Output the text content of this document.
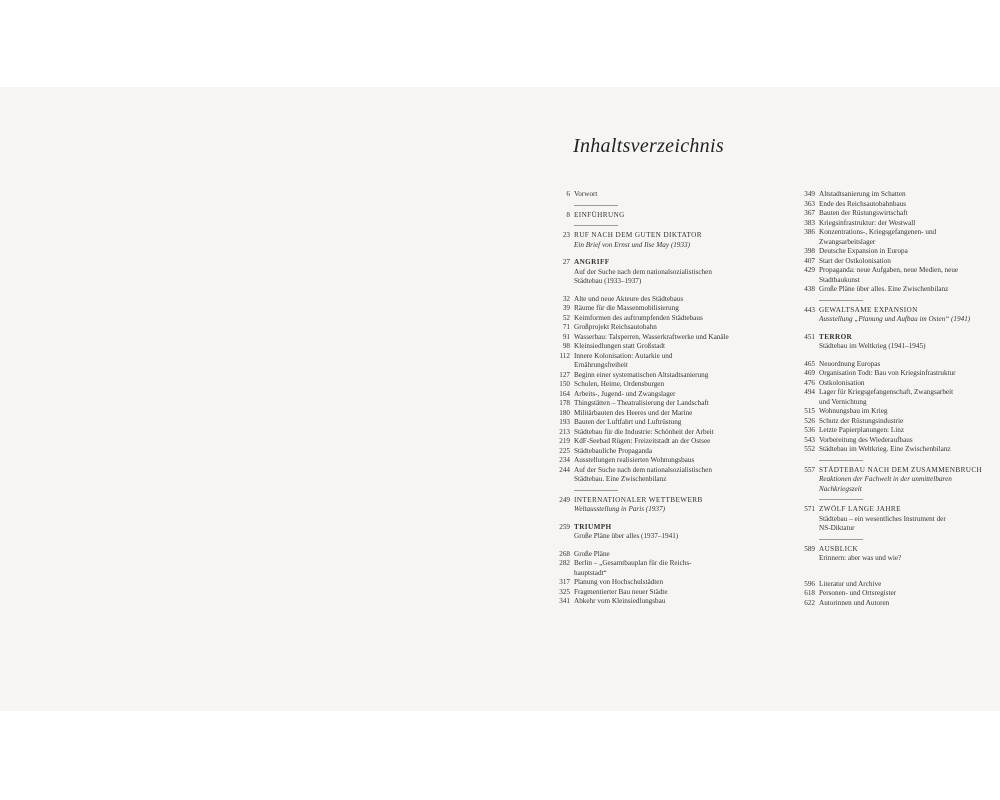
Inhaltsverzeichnis
6 Vorwort
8 EINFÜHRUNG
23 RUF NACH DEM GUTEN DIKTATOR
Ein Brief von Ernst und Ilse May (1933)
27 ANGRIFF
Auf der Suche nach dem nationalsozialistischen
Städtebau (1933–1937)
32 Alte und neue Akteure des Städtebaus
39 Räume für die Massenmobilisierung
52 Keimformen des auftrumpfenden Städtebaus
71 Großprojekt Reichsautobahn
91 Wasserbau: Talsperren, Wasserkraftwerke und Kanäle
98 Kleinsiedlungen statt Großstadt
112 Innere Kolonisation: Autarkie und
Ernährungsfreiheit
127 Beginn einer systematischen Altstadtsanierung
150 Schulen, Heime, Ordensburgen
164 Arbeits-, Jugend- und Zwangslager
178 Thingstätten – Theatralisierung der Landschaft
180 Militärbauten des Heeres und der Marine
193 Bauten der Luftfahrt und Luftrüstung
213 Städtebau für die Industrie: Schönheit der Arbeit
219 KdF-Seebad Rügen: Freizeitstadt an der Ostsee
225 Städtebauliche Propaganda
234 Ausstellungen realisierten Wohnungsbaus
244 Auf der Suche nach dem nationalsozialistischen
Städtebau. Eine Zwischenbilanz
249 INTERNATIONALER WETTBEWERB
Weltausstellung in Paris (1937)
259 TRIUMPH
Große Pläne über alles (1937–1941)
268 Große Pläne
282 Berlin – „Gesamtbauplan für die Reichs-
hauptstadt“
317 Planung von Hochschulstädten
325 Fragmentierter Bau neuer Städte
341 Abkehr vom Kleinsiedlungsbau
349 Altstadtsanierung im Schatten
363 Ende des Reichsautobahnbaus
367 Bauten der Rüstungswirtschaft
383 Kriegsinfrastruktur: der Westwall
386 Konzentrations-, Kriegsgefangenen- und
Zwangsarbeitslager
398 Deutsche Expansion in Europa
407 Start der Ostkolonisation
429 Propaganda: neue Aufgaben, neue Medien, neue
Stadtbaukunst
438 Große Pläne über alles. Eine Zwischenbilanz
443 GEWALTSAME EXPANSION
Ausstellung „Planung und Aufbau im Osten“ (1941)
451 TERROR
Städtebau im Weltkrieg (1941–1945)
465 Neuordnung Europas
469 Organisation Todt: Bau von Kriegsinfrastruktur
476 Ostkolonisation
494 Lager für Kriegsgefangenschaft, Zwangsarbeit
und Vernichtung
515 Wohnungsbau im Krieg
526 Schutz der Rüstungsindustrie
536 Letzte Papierplanungen: Linz
543 Vorbereitung des Wiederaufbaus
552 Städtebau im Weltkrieg. Eine Zwischenbilanz
557 STÄDTEBAU NACH DEM ZUSAMMENBRUCH
Reaktionen der Fachwelt in der unmittelbaren
Nachkriegszeit
571 ZWÖLF LANGE JAHRE
Städtebau – ein wesentliches Instrument der
NS-Diktatur
589 AUSBLICK
Erinnern: aber was und wie?
596 Literatur und Archive
618 Personen- und Ortsregister
622 Autorinnen und Autoren
